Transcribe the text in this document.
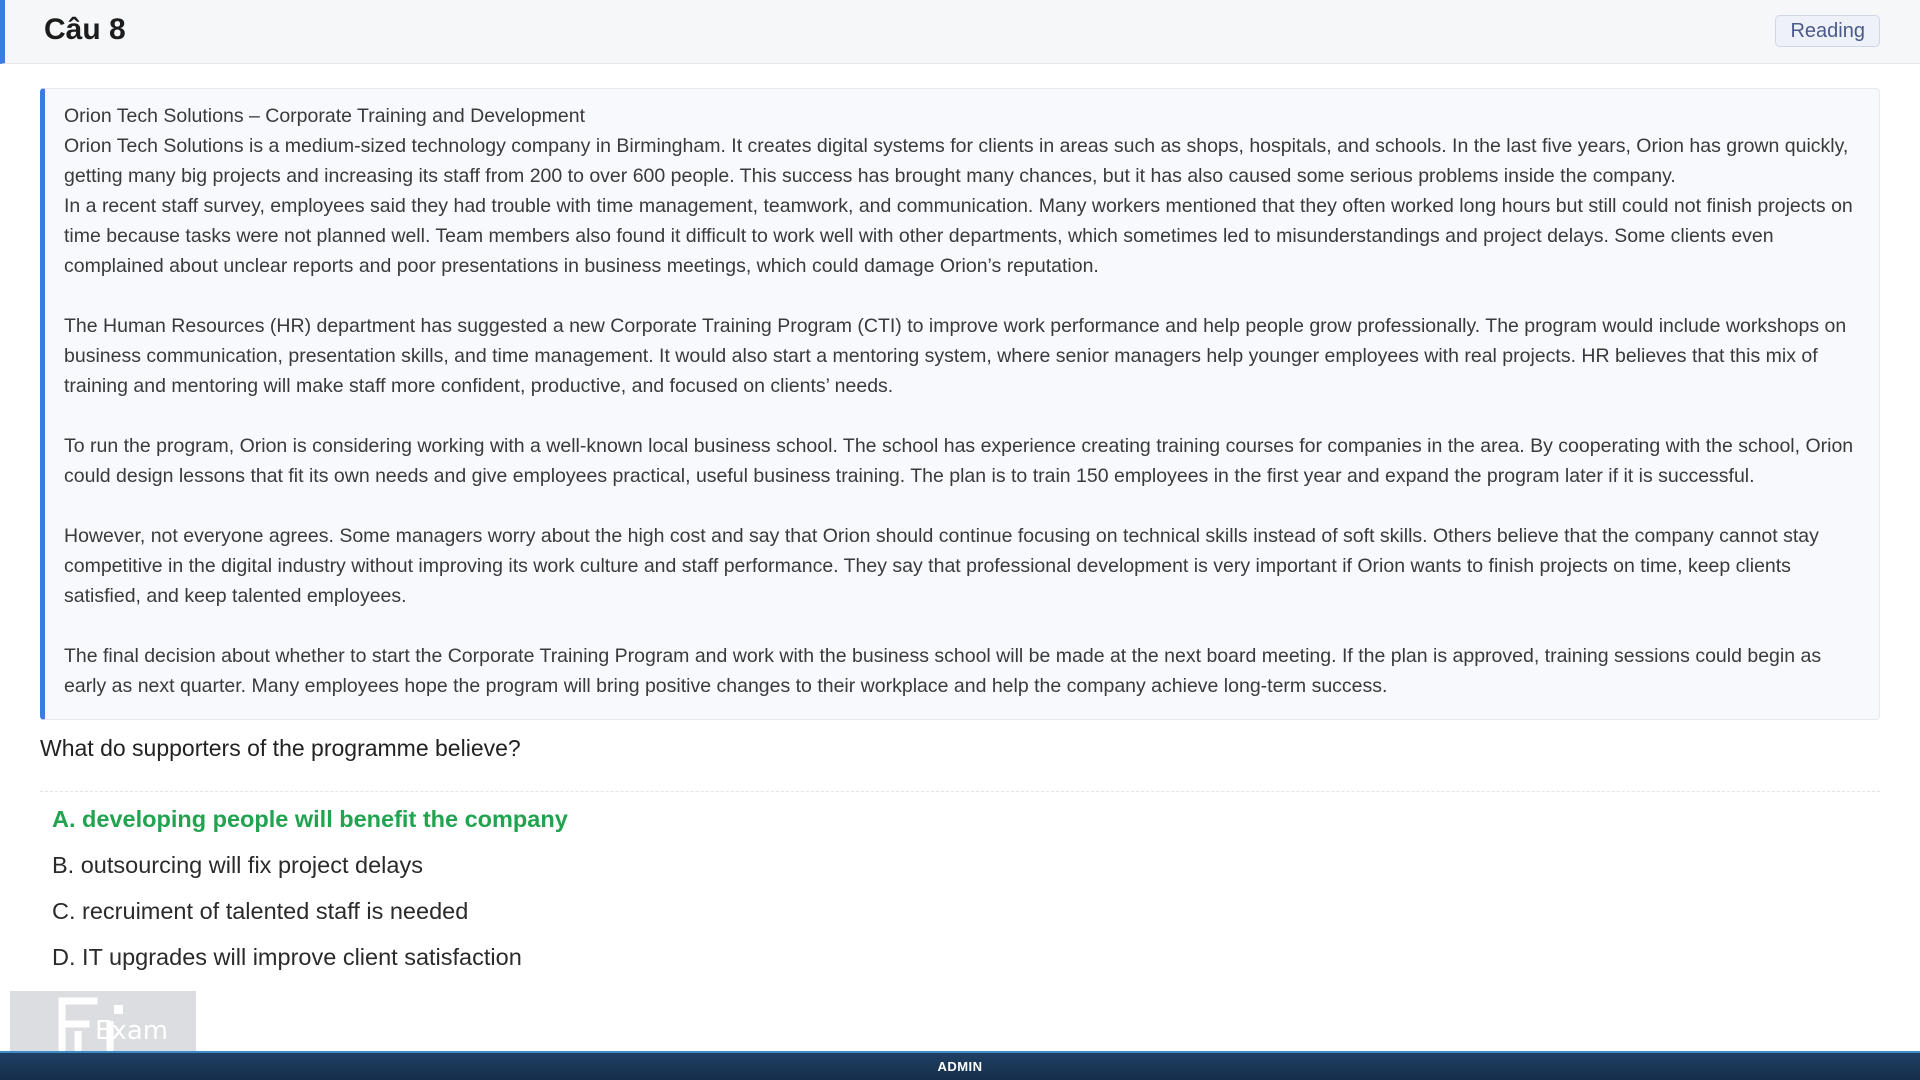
Câu 8	Reading

Orion Tech Solutions – Corporate Training and Development

Orion Tech Solutions is a medium-sized technology company in Birmingham. It creates digital systems for clients in areas such as shops, hospitals, and schools. In the last five years, Orion has grown quickly, getting many big projects and increasing its staff from 200 to over 600 people. This success has brought many chances, but it has also caused some serious problems inside the company.

In a recent staff survey, employees said they had trouble with time management, teamwork, and communication. Many workers mentioned that they often worked long hours but still could not finish projects on time because tasks were not planned well. Team members also found it difficult to work well with other departments, which sometimes led to misunderstandings and project delays. Some clients even complained about unclear reports and poor presentations in business meetings, which could damage Orion’s reputation.

The Human Resources (HR) department has suggested a new Corporate Training Program (CTI) to improve work performance and help people grow professionally. The program would include workshops on business communication, presentation skills, and time management. It would also start a mentoring system, where senior managers help younger employees with real projects. HR believes that this mix of training and mentoring will make staff more confident, productive, and focused on clients’ needs.

To run the program, Orion is considering working with a well-known local business school. The school has experience creating training courses for companies in the area. By cooperating with the school, Orion could design lessons that fit its own needs and give employees practical, useful business training. The plan is to train 150 employees in the first year and expand the program later if it is successful.

However, not everyone agrees. Some managers worry about the high cost and say that Orion should continue focusing on technical skills instead of soft skills. Others believe that the company cannot stay competitive in the digital industry without improving its work culture and staff performance. They say that professional development is very important if Orion wants to finish projects on time, keep clients satisfied, and keep talented employees.

The final decision about whether to start the Corporate Training Program and work with the business school will be made at the next board meeting. If the plan is approved, training sessions could begin as early as next quarter. Many employees hope the program will bring positive changes to their workplace and help the company achieve long-term success.

What do supporters of the programme believe?
A. developing people will benefit the company
B. outsourcing will fix project delays
C. recruiment of talented staff is needed
D. IT upgrades will improve client satisfaction
Exam
ADMIN
